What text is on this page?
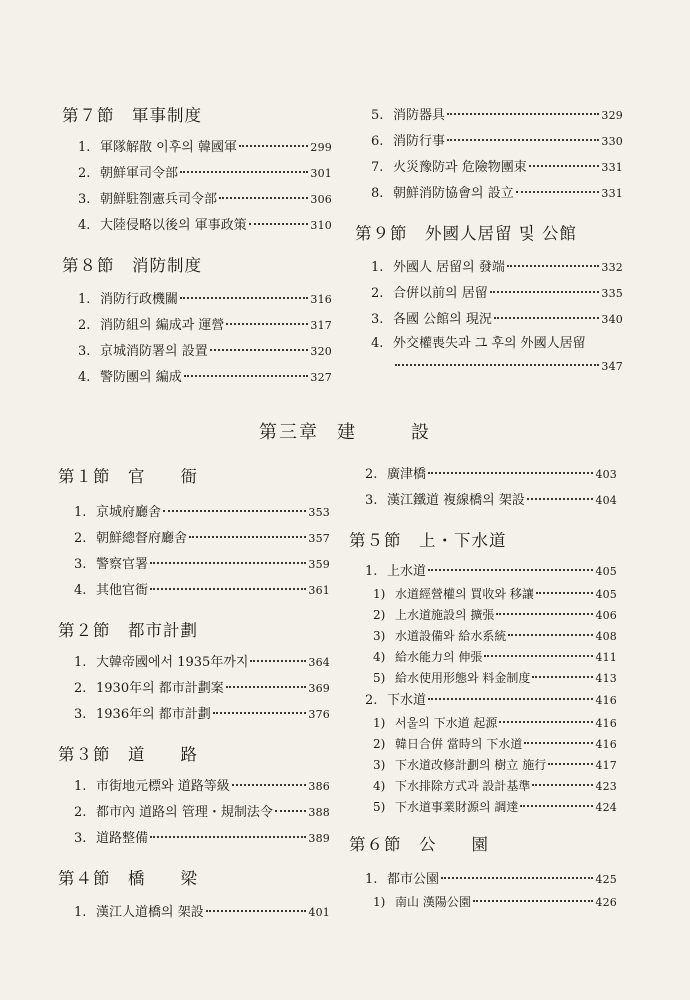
第７節　軍事制度
1. 軍隊解散 이후의 韓國軍	299
2. 朝鮮軍司令部	301
3. 朝鮮駐劄憲兵司令部	306
4. 大陸侵略以後의 軍事政策	310
第８節　消防制度
1. 消防行政機關	316
2. 消防組의 編成과 運營	317
3. 京城消防署의 設置	320
4. 警防團의 編成	327
5. 消防器具	329
6. 消防行事	330
7. 火災豫防과 危險物團束	331
8. 朝鮮消防協會의 設立	331
第９節　外國人居留 및 公館
1. 外國人 居留의 發端	332
2. 合倂以前의 居留	335
3. 各國 公館의 現況	340
4. 外交權喪失과 그 후의 外國人居留
347
第三章 建	設
第１節　官　　衙
1. 京城府廳舍	353
2. 朝鮮總督府廳舍	357
3. 警察官署	359
4. 其他官衙	361
第２節　都市計劃
1. 大韓帝國에서 1935年까지	364
2. 1930年의 都市計劃案	369
3. 1936年의 都市計劃	376
第３節　道　　路
1. 市街地元標와 道路等級	386
2. 都市內 道路의 管理・規制法令	388
3. 道路整備	389
第４節　橋　　梁
1. 漢江人道橋의 架設	401
2. 廣津橋	403
3. 漢江鐵道 複線橋의 架設	404
第５節　上・下水道
1. 上水道	405
1) 水道經營權의 買收와 移讓	405
2) 上水道施設의 擴張	406
3) 水道設備와 給水系統	408
4) 給水能力의 伸張	411
5) 給水使用形態와 料金制度	413
2. 下水道	416
1) 서울의 下水道 起源	416
2) 韓日合倂 當時의 下水道	416
3) 下水道改修計劃의 樹立 施行	417
4) 下水排除方式과 設計基準	423
5) 下水道事業財源의 調達	424
第６節　公　　園
1. 都市公園	425
1) 南山 漢陽公園	426
